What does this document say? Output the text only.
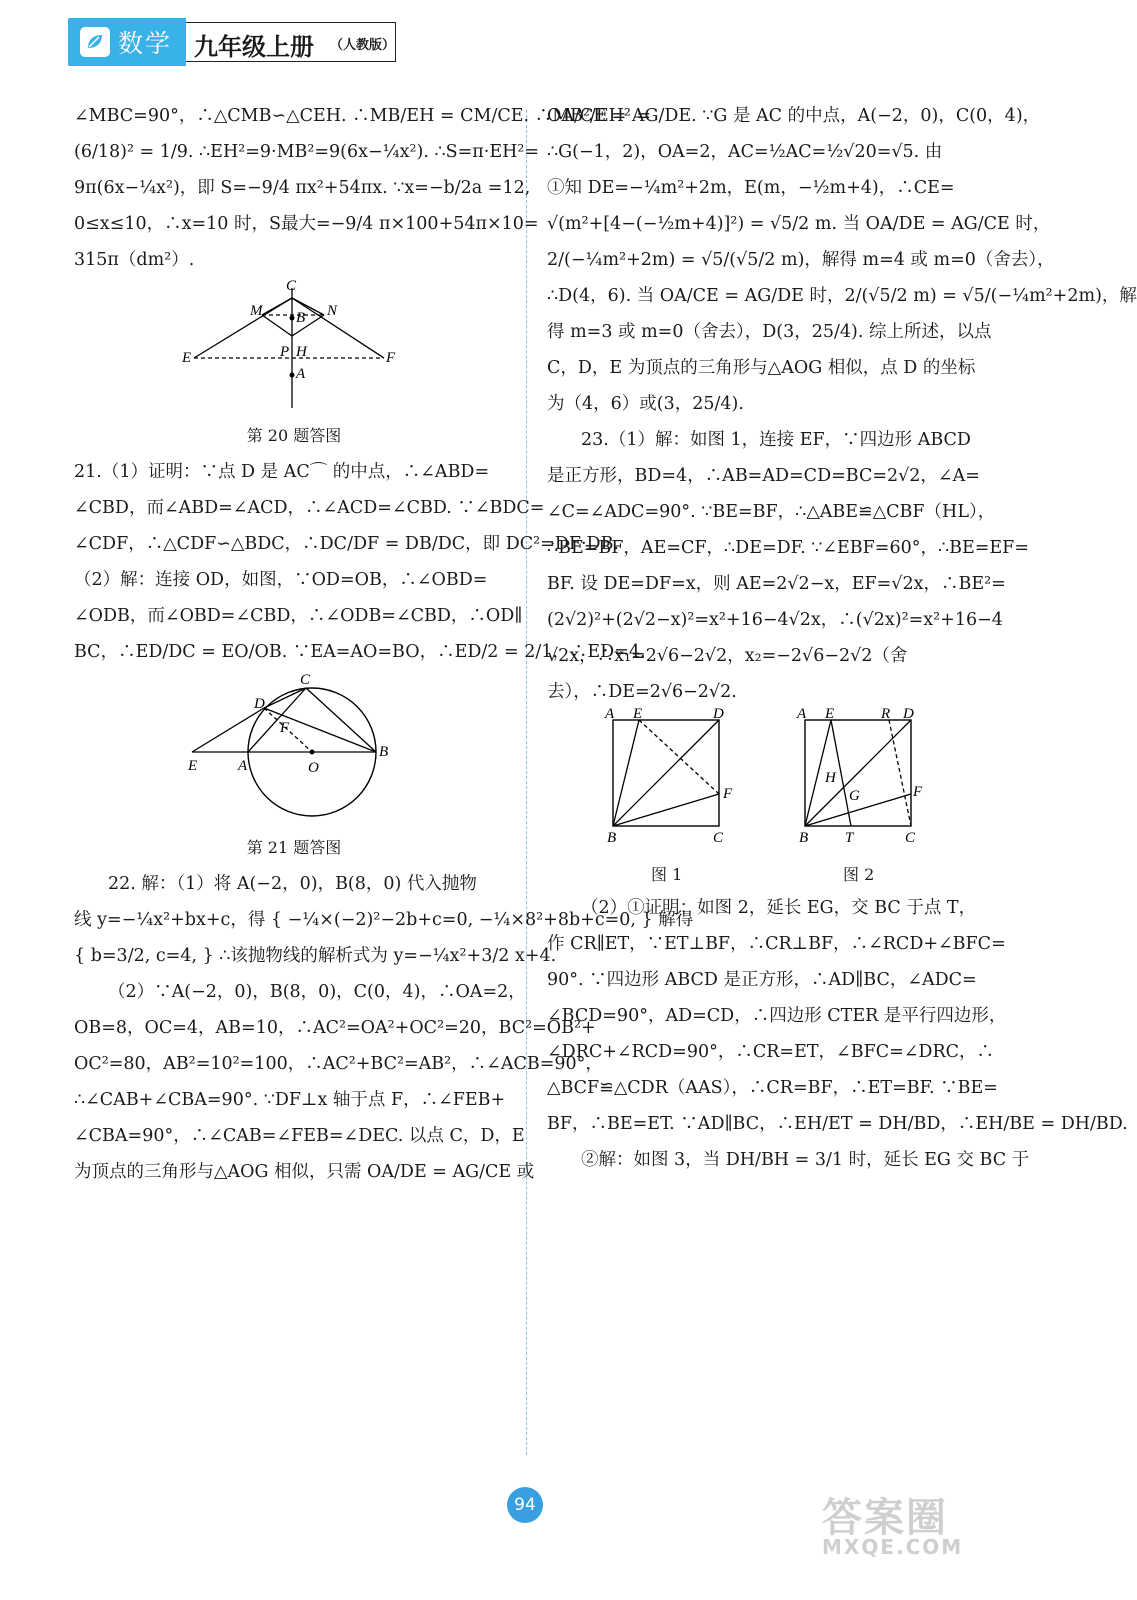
数学 九年级上册 （人教版）

∠MBC=90°，∴△CMB∽△CEH. ∴MB/EH = CM/CE. ∴MB²/EH² =

(6/18)² = 1/9. ∴EH²=9·MB²=9(6x−¼x²). ∴S=π·EH²=

9π(6x−¼x²)，即 S=−9/4 πx²+54πx. ∵x=−b/2a =12,

0≤x≤10，∴x=10 时，S最大=−9/4 π×100+54π×10=

315π（dm²）.

C
M	N
B
E	F
P H
A

第 20 题答图

21.（1）证明：∵点 D 是 AC⌒ 的中点，∴∠ABD=

∠CBD，而∠ABD=∠ACD，∴∠ACD=∠CBD. ∵∠BDC=

∠CDF，∴△CDF∽△BDC，∴DC/DF = DB/DC，即 DC²=DF·DB.

（2）解：连接 OD，如图，∵OD=OB，∴∠OBD=

∠ODB，而∠OBD=∠CBD，∴∠ODB=∠CBD，∴OD∥

BC，∴ED/DC = EO/OB. ∵EA=AO=BO，∴ED/2 = 2/1，∴ED=4.

C
D
F
E	A	O
B

第 21 题答图

22. 解：（1）将 A(−2，0)，B(8，0) 代入抛物

线 y=−¼x²+bx+c，得 { −¼×(−2)²−2b+c=0, −¼×8²+8b+c=0, } 解得

{ b=3/2, c=4, } ∴该抛物线的解析式为 y=−¼x²+3/2 x+4.

（2）∵A(−2，0)，B(8，0)，C(0，4)，∴OA=2，

OB=8，OC=4，AB=10，∴AC²=OA²+OC²=20，BC²=OB²+

OC²=80，AB²=10²=100，∴AC²+BC²=AB²，∴∠ACB=90°，

∴∠CAB+∠CBA=90°. ∵DF⊥x 轴于点 F，∴∠FEB+

∠CBA=90°，∴∠CAB=∠FEB=∠DEC. 以点 C，D，E

为顶点的三角形与△AOG 相似，只需 OA/DE = AG/CE 或

OA/CE = AG/DE. ∵G 是 AC 的中点，A(−2，0)，C(0，4)，

∴G(−1，2)，OA=2，AC=½AC=½√20=√5. 由

①知 DE=−¼m²+2m，E(m，−½m+4)，∴CE=

√(m²+[4−(−½m+4)]²) = √5/2 m. 当 OA/DE = AG/CE 时，

2/(−¼m²+2m) = √5/(√5/2 m)，解得 m=4 或 m=0（舍去），

∴D(4，6). 当 OA/CE = AG/DE 时，2/(√5/2 m) = √5/(−¼m²+2m)，解

得 m=3 或 m=0（舍去），D(3，25/4). 综上所述，以点

C，D，E 为顶点的三角形与△AOG 相似，点 D 的坐标

为（4，6）或(3，25/4).

23.（1）解：如图 1，连接 EF，∵四边形 ABCD

是正方形，BD=4，∴AB=AD=CD=BC=2√2，∠A=

∠C=∠ADC=90°. ∵BE=BF，∴△ABE≌△CBF（HL），

∴BE=BF，AE=CF，∴DE=DF. ∵∠EBF=60°，∴BE=EF=

BF. 设 DE=DF=x，则 AE=2√2−x，EF=√2x，∴BE²=

(2√2)²+(2√2−x)²=x²+16−4√2x，∴(√2x)²=x²+16−4

√2x，∴x₁=2√6−2√2，x₂=−2√6−2√2（舍

去），∴DE=2√6−2√2.

A E	D
F
B	C
A E	R D
H
G	F
B T	C
图 1	图 2

（2）①证明：如图 2，延长 EG，交 BC 于点 T，

作 CR∥ET，∵ET⊥BF，∴CR⊥BF，∴∠RCD+∠BFC=

90°. ∵四边形 ABCD 是正方形，∴AD∥BC，∠ADC=

∠BCD=90°，AD=CD，∴四边形 CTER 是平行四边形，

∠DRC+∠RCD=90°，∴CR=ET，∠BFC=∠DRC，∴

△BCF≌△CDR（AAS），∴CR=BF，∴ET=BF. ∵BE=

BF，∴BE=ET. ∵AD∥BC，∴EH/ET = DH/BD，∴EH/BE = DH/BD.

②解：如图 3，当 DH/BH = 3/1 时，延长 EG 交 BC 于

94	答案圈
MXQE.COM
